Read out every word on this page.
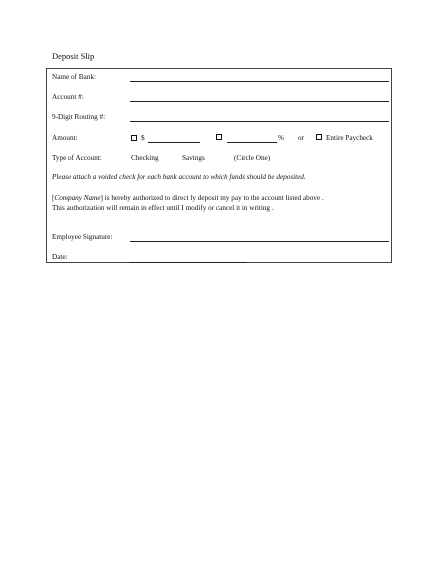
Deposit Slip
Name of Bank:
Account #:
9-Digit Routing #:
Amount:	$	% or	Entire Paycheck
Type of Account:	Checking	Savings	(Circle One)
Please attach a voided check for each bank account to which funds should be deposited.
[Company Name] is hereby authorized to direct ly deposit my pay to the account listed above .
This authorization will remain in effect until I modify or cancel it in writing .
Employee Signature:
Date:
